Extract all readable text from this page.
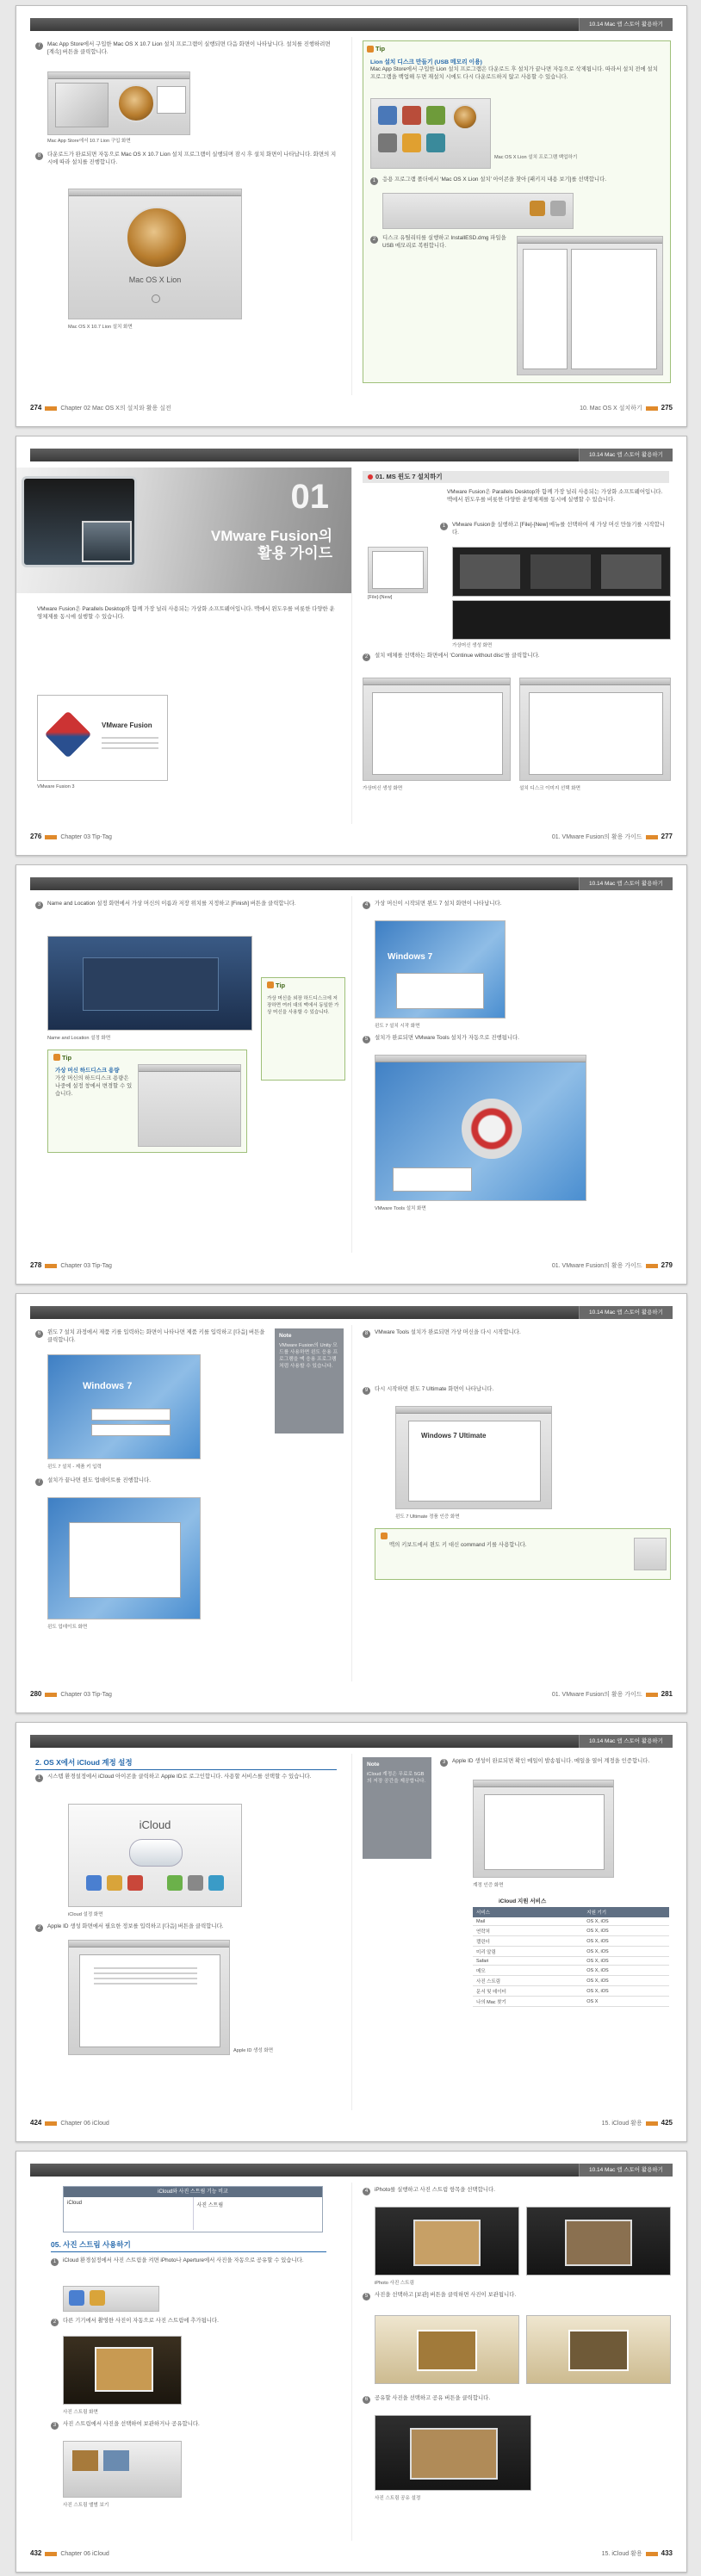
10.14 Mac 앱 스토어 활용하기
7	Mac App Store에서 구입한 Mac OS X 10.7 Lion 설치 프로그램이 실행되면 다음 화면이 나타납니다. 설치를 진행하려면 [계속] 버튼을 클릭합니다.
Mac App Store에서 10.7 Lion 구입 화면
8	다운로드가 완료되면 자동으로 Mac OS X 10.7 Lion 설치 프로그램이 실행되며 잠시 후 설치 화면이 나타납니다. 화면의 지시에 따라 설치를 진행합니다.
Mac OS X Lion
Mac OS X 10.7 Lion 설치 화면
Tip
Lion 설치 디스크 만들기 (USB 메모리 이용)
Mac App Store에서 구입한 Lion 설치 프로그램은 다운로드 후 설치가 끝나면 자동으로 삭제됩니다. 따라서 설치 전에 설치 프로그램을 백업해 두면 재설치 시에도 다시 다운로드하지 않고 사용할 수 있습니다.
Mac OS X Lion 설치 프로그램 백업하기
1	응용 프로그램 폴더에서 ‘Mac OS X Lion 설치’ 아이콘을 찾아 [패키지 내용 보기]를 선택합니다.
2	디스크 유틸리티를 실행하고 InstallESD.dmg 파일을 USB 메모리로 복원합니다.
274	Chapter 02 Mac OS X의 설치와 활용 실전	10. Mac OS X 설치하기	275
10.14 Mac 앱 스토어 활용하기
01
VMware Fusion의
활용 가이드
VMware Fusion은 Parallels Desktop와 함께 가장 널리 사용되는 가상화 소프트웨어입니다. 맥에서 윈도우를 비롯한 다양한 운영체제를 동시에 실행할 수 있습니다.
VMware Fusion
VMware Fusion 3
01. MS 윈도 7 설치하기
VMware Fusion은 Parallels Desktop와 함께 가장 널리 사용되는 가상화 소프트웨어입니다. 맥에서 윈도우를 비롯한 다양한 운영체제를 동시에 실행할 수 있습니다.
1	VMware Fusion을 실행하고 [File]-[New] 메뉴를 선택하여 새 가상 머신 만들기를 시작합니다.
[File]-[New]
가상머신 생성 화면
2	설치 매체를 선택하는 화면에서 ‘Continue without disc’를 클릭합니다.
가상머신 생성 화면	설치 디스크 이미지 선택 화면
276	Chapter 03 Tip-Tag	01. VMware Fusion의 활용 가이드	277
10.14 Mac 앱 스토어 활용하기
3	Name and Location 설정 화면에서 가상 머신의 이름과 저장 위치를 지정하고 [Finish] 버튼을 클릭합니다.
Name and Location 설정 화면
Tip
가상 머신 하드디스크 용량
가상 머신의 하드디스크 용량은 나중에 설정 창에서 변경할 수 있습니다.
Tip
가상 머신을 외장 하드디스크에 저장하면 여러 대의 맥에서 동일한 가상 머신을 사용할 수 있습니다.
4	가상 머신이 시작되면 윈도 7 설치 화면이 나타납니다.
Windows 7
윈도 7 설치 시작 화면
5	설치가 완료되면 VMware Tools 설치가 자동으로 진행됩니다.
VMware Tools 설치 화면
278	Chapter 03 Tip-Tag	01. VMware Fusion의 활용 가이드	279
10.14 Mac 앱 스토어 활용하기
6	윈도 7 설치 과정에서 제품 키를 입력하는 화면이 나타나면 제품 키를 입력하고 [다음] 버튼을 클릭합니다.
Windows 7
윈도 7 설치 - 제품 키 입력
7	설치가 끝나면 윈도 업데이트를 진행합니다.
윈도 업데이트 화면
Note
VMware Fusion의 Unity 모드를 사용하면 윈도 응용 프로그램을 맥 응용 프로그램처럼 사용할 수 있습니다.
8	VMware Tools 설치가 완료되면 가상 머신을 다시 시작합니다.
9	다시 시작하면 윈도 7 Ultimate 화면이 나타납니다.
Windows 7 Ultimate
윈도 7 Ultimate 정품 인증 화면
맥의 키보드에서 윈도 키 대신 command 키를 사용합니다.
280	Chapter 03 Tip-Tag	01. VMware Fusion의 활용 가이드	281
10.14 Mac 앱 스토어 활용하기
2. OS X에서 iCloud 계정 설정
1	시스템 환경설정에서 iCloud 아이콘을 클릭하고 Apple ID로 로그인합니다. 사용할 서비스를 선택할 수 있습니다.
iCloud
iCloud 설정 화면
2	Apple ID 생성 화면에서 필요한 정보를 입력하고 [다음] 버튼을 클릭합니다.
Apple ID 생성 화면
Note
iCloud 계정은 무료로 5GB의 저장 공간을 제공합니다.
3	Apple ID 생성이 완료되면 확인 메일이 발송됩니다. 메일을 열어 계정을 인증합니다.
계정 인증 화면
iCloud 지원 서비스
서비스	지원 기기
Mail	OS X, iOS
연락처	OS X, iOS
캘린더	OS X, iOS
미리 알림	OS X, iOS
Safari	OS X, iOS
메모	OS X, iOS
사진 스트림	OS X, iOS
문서 및 데이터	OS X, iOS
나의 Mac 찾기	OS X
424	Chapter 06 iCloud	15. iCloud 활용	425
10.14 Mac 앱 스토어 활용하기
iCloud와 사진 스트림 기능 비교
iCloud	사진 스트림
05. 사진 스트림 사용하기
1	iCloud 환경설정에서 사진 스트림을 켜면 iPhoto나 Aperture에서 사진을 자동으로 공유할 수 있습니다.
2	다른 기기에서 촬영한 사진이 자동으로 사진 스트림에 추가됩니다.
사진 스트림 화면
3	사진 스트림에서 사진을 선택하여 보관하거나 공유합니다.
사진 스트림 앨범 보기
4	iPhoto를 실행하고 사진 스트림 항목을 선택합니다.
iPhoto 사진 스트림
5	사진을 선택하고 [보관] 버튼을 클릭하면 사진이 보관됩니다.
6	공유할 사진을 선택하고 공유 버튼을 클릭합니다.
사진 스트림 공유 설정
432	Chapter 06 iCloud	15. iCloud 활용	433
